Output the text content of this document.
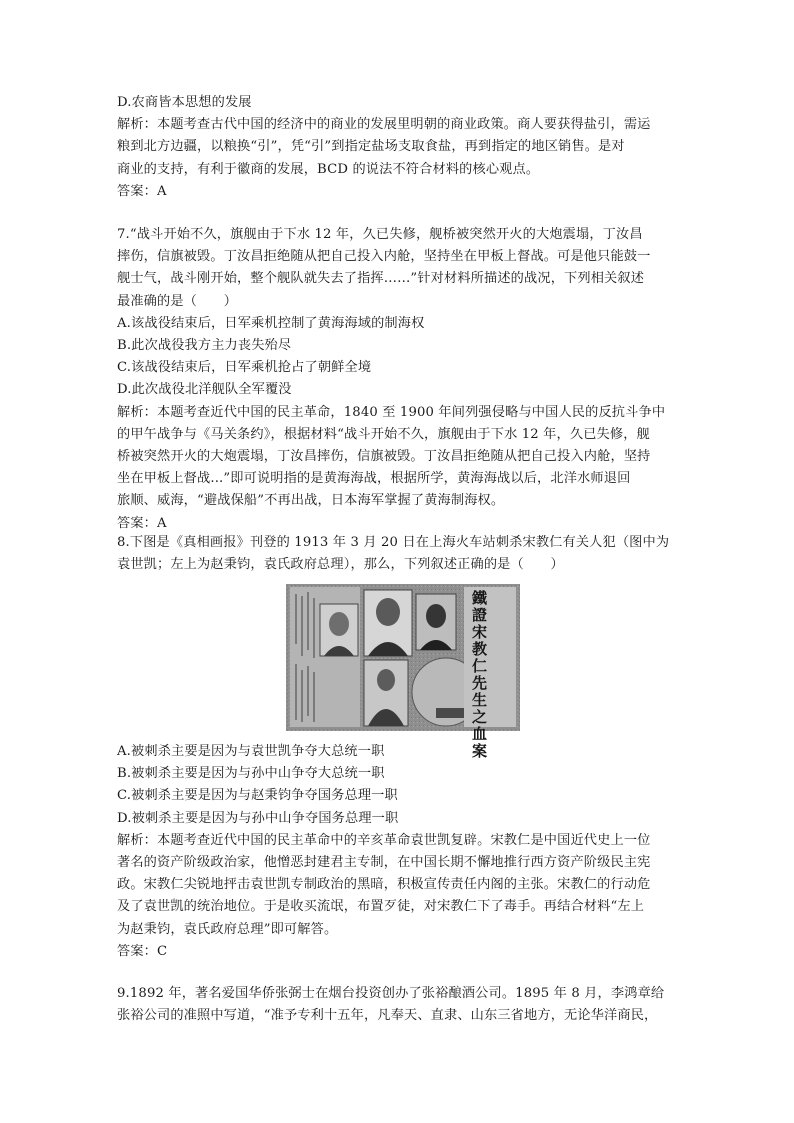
D.农商皆本思想的发展

解析：本题考查古代中国的经济中的商业的发展里明朝的商业政策。商人要获得盐引，需运

粮到北方边疆，以粮换“引”，凭“引”到指定盐场支取食盐，再到指定的地区销售。是对

商业的支持，有利于徽商的发展，BCD 的说法不符合材料的核心观点。

答案：A

7.“战斗开始不久，旗舰由于下水 12 年，久已失修，舰桥被突然开火的大炮震塌，丁汝昌

摔伤，信旗被毁。丁汝昌拒绝随从把自己投入内舱，坚持坐在甲板上督战。可是他只能鼓一

舰士气，战斗刚开始，整个舰队就失去了指挥……”针对材料所描述的战况，下列相关叙述

最准确的是（　　）

A.该战役结束后，日军乘机控制了黄海海域的制海权

B.此次战役我方主力丧失殆尽

C.该战役结束后，日军乘机抢占了朝鲜全境

D.此次战役北洋舰队全军覆没

解析：本题考查近代中国的民主革命，1840 至 1900 年间列强侵略与中国人民的反抗斗争中

的甲午战争与《马关条约》，根据材料“战斗开始不久，旗舰由于下水 12 年，久已失修，舰

桥被突然开火的大炮震塌，丁汝昌摔伤，信旗被毁。丁汝昌拒绝随从把自己投入内舱，坚持

坐在甲板上督战...”即可说明指的是黄海海战，根据所学，黄海海战以后，北洋水师退回

旅顺、威海，“避战保船”不再出战，日本海军掌握了黄海制海权。

答案：A

8.下图是《真相画报》刊登的 1913 年 3 月 20 日在上海火车站刺杀宋教仁有关人犯（图中为

袁世凯；左上为赵秉钧，袁氏政府总理），那么，下列叙述正确的是（　　）

鐵證宋教仁先生之血案

A.被刺杀主要是因为与袁世凯争夺大总统一职

B.被刺杀主要是因为与孙中山争夺大总统一职

C.被刺杀主要是因为与赵秉钧争夺国务总理一职

D.被刺杀主要是因为与孙中山争夺国务总理一职

解析：本题考查近代中国的民主革命中的辛亥革命袁世凯复辟。宋教仁是中国近代史上一位

著名的资产阶级政治家，他憎恶封建君主专制，在中国长期不懈地推行西方资产阶级民主宪

政。宋教仁尖锐地抨击袁世凯专制政治的黑暗，积极宣传责任内阁的主张。宋教仁的行动危

及了袁世凯的统治地位。于是收买流氓，布置歹徒，对宋教仁下了毒手。再结合材料“左上

为赵秉钧，袁氏政府总理”即可解答。

答案：C

9.1892 年，著名爱国华侨张弼士在烟台投资创办了张裕酿酒公司。1895 年 8 月，李鸿章给

张裕公司的准照中写道，“准予专利十五年，凡奉天、直隶、山东三省地方，无论华洋商民，
